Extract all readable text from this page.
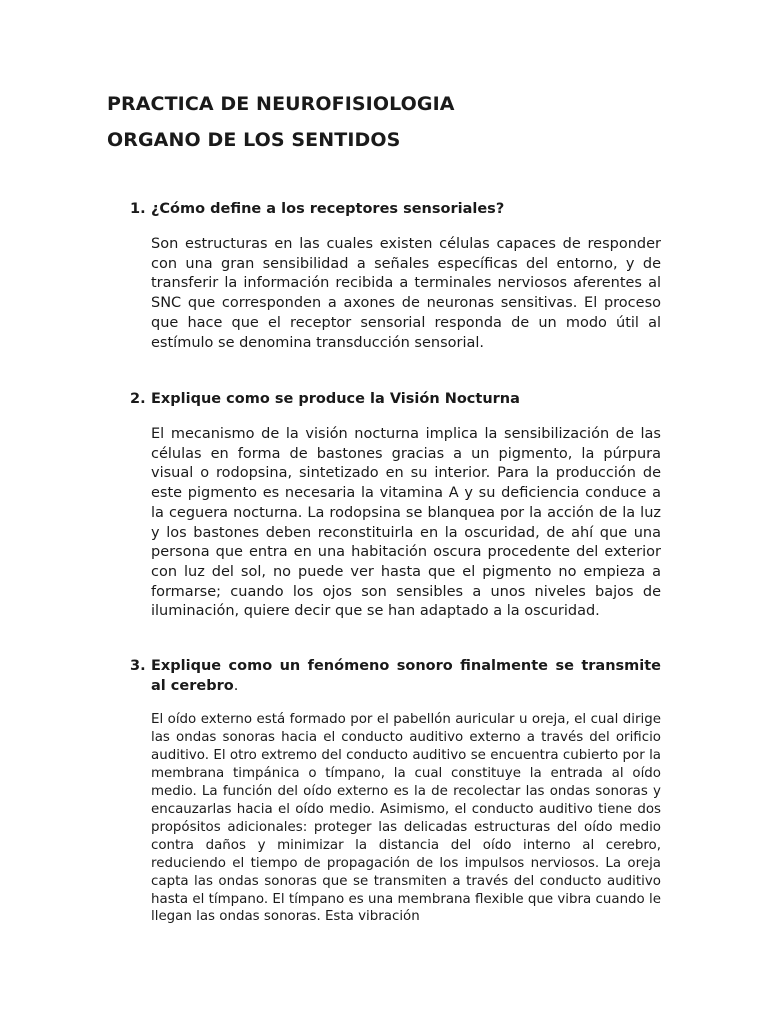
PRACTICA DE NEUROFISIOLOGIA
ORGANO DE LOS SENTIDOS
1. ¿Cómo define a los receptores sensoriales?

Son estructuras en las cuales existen células capaces de responder con una gran sensibilidad a señales específicas del entorno, y de transferir la información recibida a terminales nerviosos aferentes al SNC que corresponden a axones de neuronas sensitivas. El proceso que hace que el receptor sensorial responda de un modo útil al estímulo se denomina transducción sensorial.

2. Explique como se produce la Visión Nocturna

El mecanismo de la visión nocturna implica la sensibilización de las células en forma de bastones gracias a un pigmento, la púrpura visual o rodopsina, sintetizado en su interior. Para la producción de este pigmento es necesaria la vitamina A y su deficiencia conduce a la ceguera nocturna. La rodopsina se blanquea por la acción de la luz y los bastones deben reconstituirla en la oscuridad, de ahí que una persona que entra en una habitación oscura procedente del exterior con luz del sol, no puede ver hasta que el pigmento no empieza a formarse; cuando los ojos son sensibles a unos niveles bajos de iluminación, quiere decir que se han adaptado a la oscuridad.

3. Explique como un fenómeno sonoro finalmente se transmite al cerebro.

El oído externo está formado por el pabellón auricular u oreja, el cual dirige las ondas sonoras hacia el conducto auditivo externo a través del orificio auditivo. El otro extremo del conducto auditivo se encuentra cubierto por la membrana timpánica o tímpano, la cual constituye la entrada al oído medio. La función del oído externo es la de recolectar las ondas sonoras y encauzarlas hacia el oído medio. Asimismo, el conducto auditivo tiene dos propósitos adicionales: proteger las delicadas estructuras del oído medio contra daños y minimizar la distancia del oído interno al cerebro, reduciendo el tiempo de propagación de los impulsos nerviosos. La oreja capta las ondas sonoras que se transmiten a través del conducto auditivo hasta el tímpano. El tímpano es una membrana flexible que vibra cuando le llegan las ondas sonoras. Esta vibración
